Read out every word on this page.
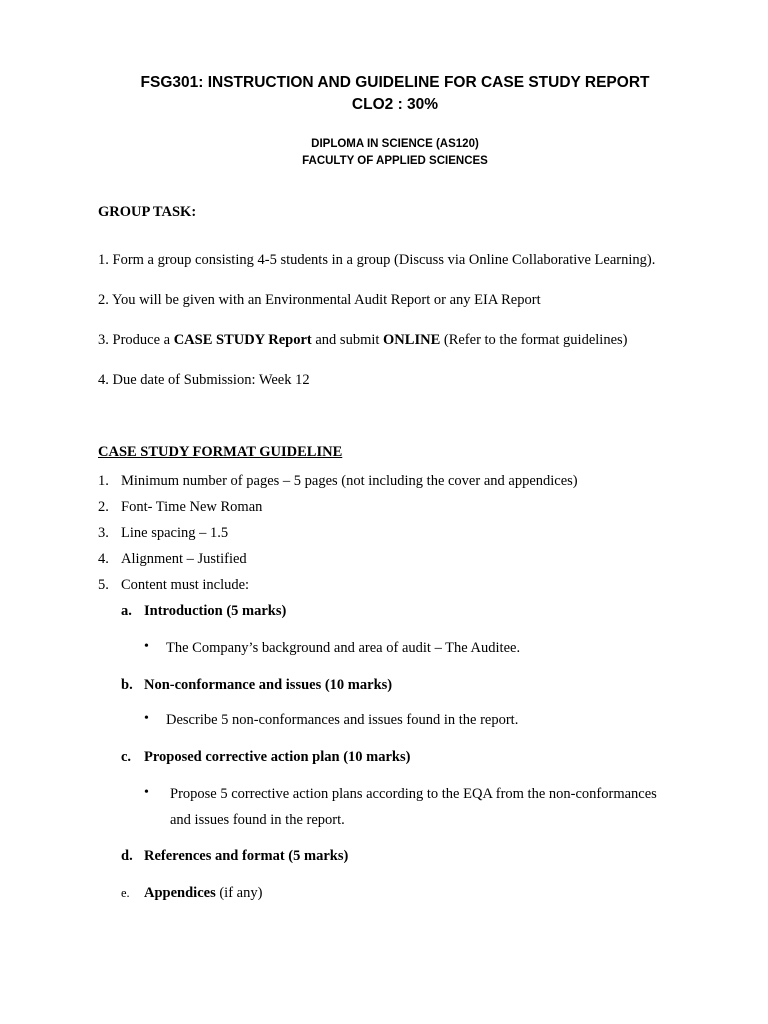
FSG301: INSTRUCTION AND GUIDELINE FOR CASE STUDY REPORT
CLO2 : 30%
DIPLOMA IN SCIENCE (AS120)
FACULTY OF APPLIED SCIENCES
GROUP TASK:
1. Form a group consisting 4-5 students in a group (Discuss via Online Collaborative Learning).
2. You will be given with an Environmental Audit Report or any EIA Report
3. Produce a CASE STUDY Report and submit ONLINE (Refer to the format guidelines)
4. Due date of Submission: Week 12
CASE STUDY FORMAT GUIDELINE
1. Minimum number of pages – 5 pages (not including the cover and appendices)
2. Font- Time New Roman
3. Line spacing – 1.5
4. Alignment – Justified
5. Content must include:
a. Introduction (5 marks)
• The Company’s background and area of audit – The Auditee.
b. Non-conformance and issues (10 marks)
• Describe 5 non-conformances and issues found in the report.
c. Proposed corrective action plan (10 marks)
• Propose 5 corrective action plans according to the EQA from the non-conformances
and issues found in the report.
d. References and format (5 marks)
e. Appendices (if any)
